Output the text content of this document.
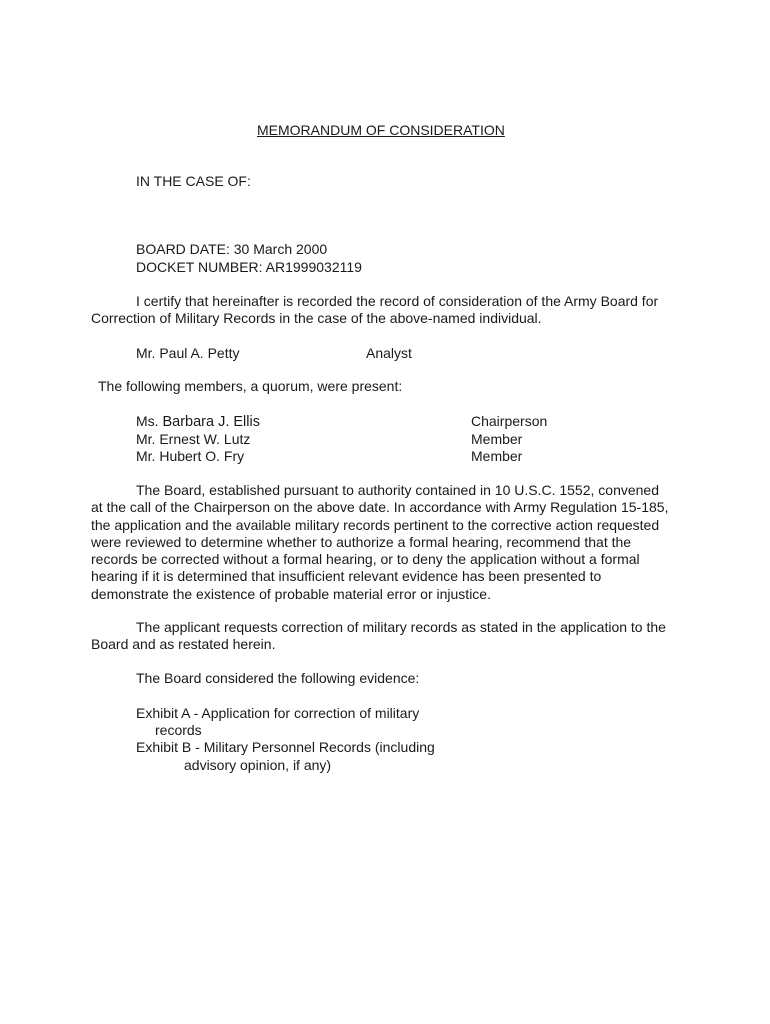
MEMORANDUM OF CONSIDERATION
IN THE CASE OF:
BOARD DATE: 30 March 2000
DOCKET NUMBER: AR1999032119
I certify that hereinafter is recorded the record of consideration of the Army Board for Correction of Military Records in the case of the above-named individual.
Mr. Paul A. Petty	Analyst
The following members, a quorum, were present:
Ms. Barbara J. Ellis	Chairperson
Mr. Ernest W. Lutz	Member
Mr. Hubert O. Fry	Member
The Board, established pursuant to authority contained in 10 U.S.C. 1552, convened at the call of the Chairperson on the above date. In accordance with Army Regulation 15-185, the application and the available military records pertinent to the corrective action requested were reviewed to determine whether to authorize a formal hearing, recommend that the records be corrected without a formal hearing, or to deny the application without a formal hearing if it is determined that insufficient relevant evidence has been presented to demonstrate the existence of probable material error or injustice.
The applicant requests correction of military records as stated in the application to the Board and as restated herein.
The Board considered the following evidence:
Exhibit A - Application for correction of military
records
Exhibit B - Military Personnel Records (including
advisory opinion, if any)
